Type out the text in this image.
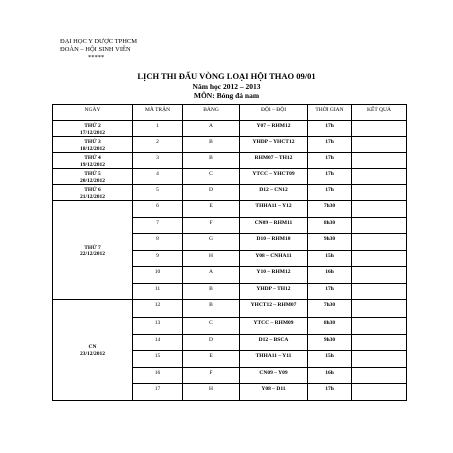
ĐẠI HỌC Y DƯỢC TPHCM
ĐOÀN – HỘI SINH VIÊN
*****
LỊCH THI ĐẤU VÒNG LOẠI HỘI THAO 09/01
Năm học 2012 – 2013
MÔN: Bóng đá nam
NGÀY	MÃ TRẬN	BẢNG	ĐỘI – ĐỘI	THỜI GIAN	KẾT QUẢ

THỨ 2
17/12/2012	1	A	Y07 – RHM12	17h	

THỨ 3
18/12/2012	2	B	YHDP – YHCT12	17h	

THỨ 4
19/12/2012	3	B	RHM07 – TH12	17h	

THỨ 5
20/12/2012	4	C	YTCC – YHCT09	17h	

THỨ 6
21/12/2012	5	D	D12 – CN12	17h	

THỨ 7
22/12/2012	6	E	THHA11 – Y12	7h30	
	7	F	CN09 – RHM11	8h30	
	8	G	D10 – RHM10	9h30	
	9	H	Y08 – CNHA11	15h	
	10	A	Y10 – RHM12	16h	
	11	B	YHDP – TH12	17h	

CN
23/12/2012	12	B	YHCT12 – RHM07	7h30	
	13	C	YTCC – RHM09	8h30	
	14	D	D12 – BSCA	9h30	
	15	E	THHA11 – Y11	15h	
	16	F	CN09 – Y09	16h	
	17	H	Y08 – D11	17h	
